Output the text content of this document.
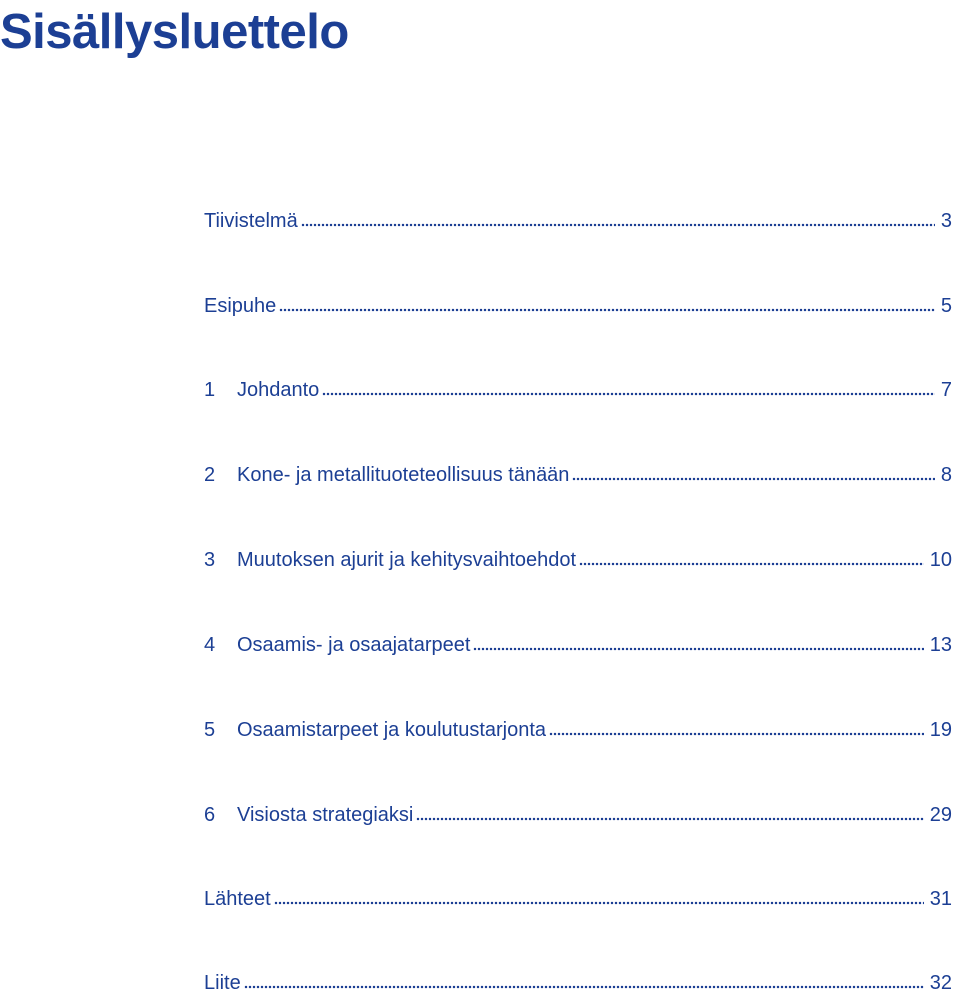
Sisällysluettelo
Tiivistelmä	3
Esipuhe	5
1	Johdanto	7
2	Kone- ja metallituoteteollisuus tänään	8
3	Muutoksen ajurit ja kehitysvaihtoehdot	10
4	Osaamis- ja osaajatarpeet	13
5	Osaamistarpeet ja koulutustarjonta	19
6	Visiosta strategiaksi	29
Lähteet	31
Liite	32
